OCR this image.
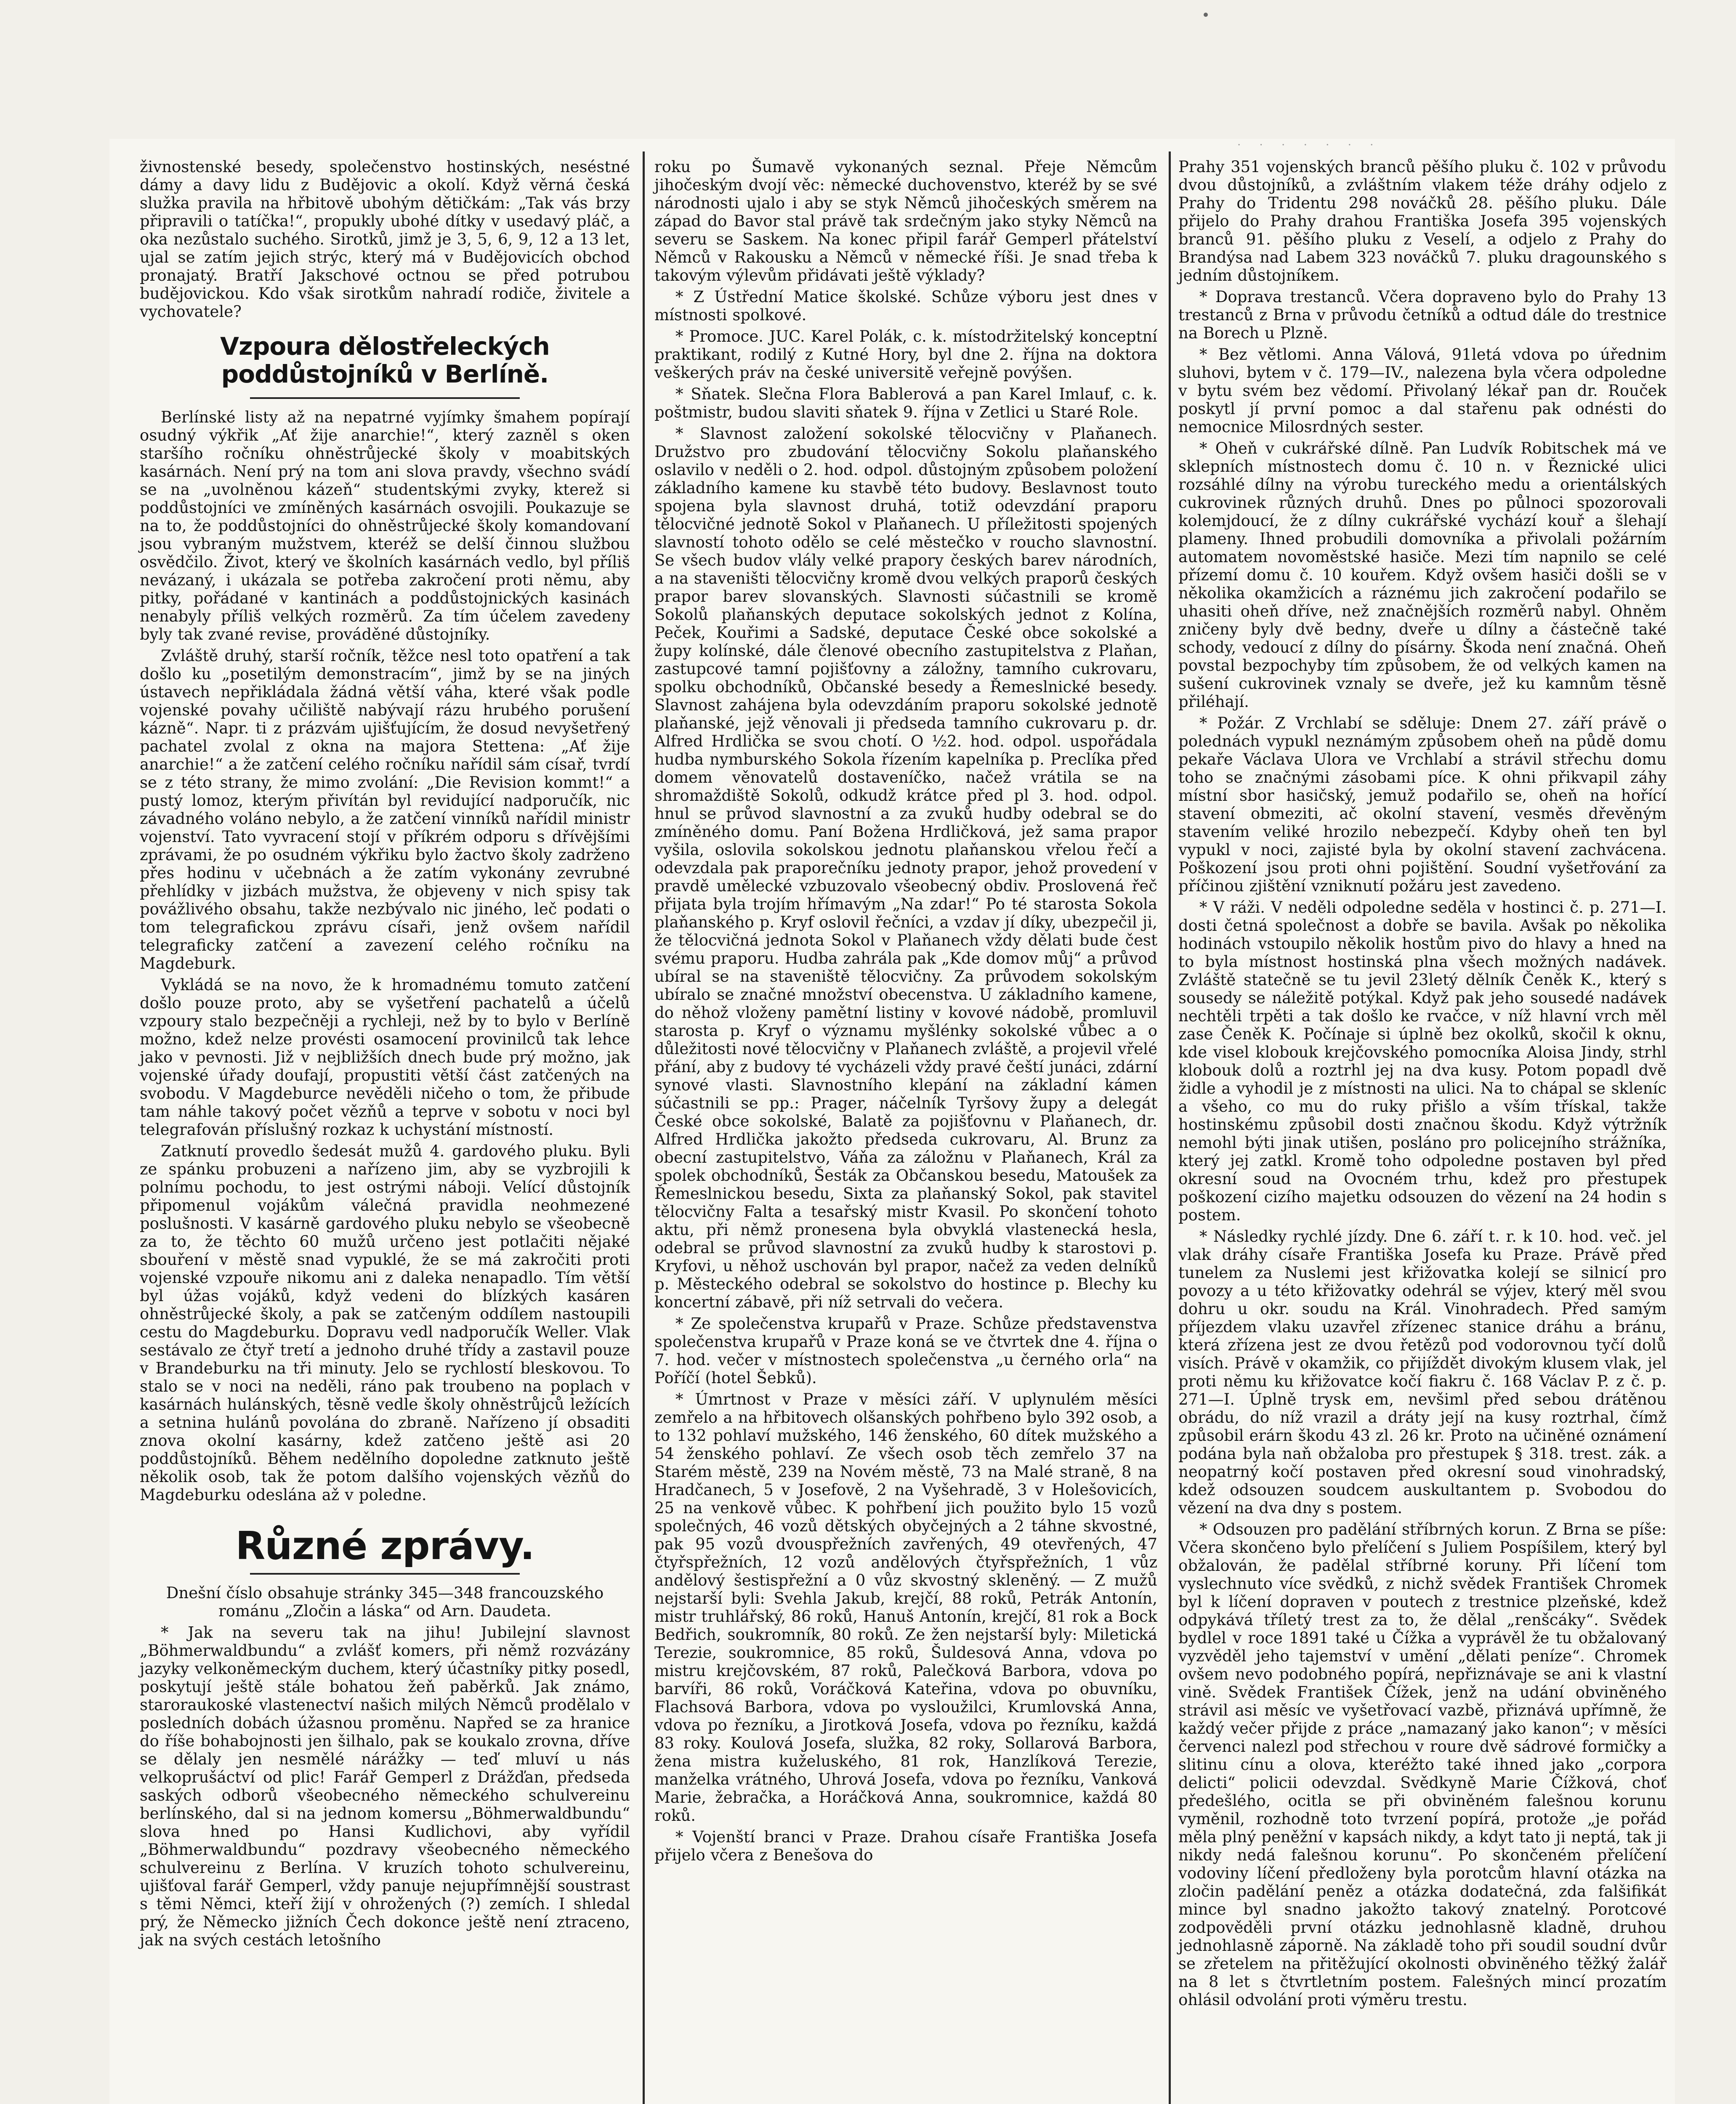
· · · · · · ·

živnostenské besedy, společenstvo hostinských, neséstné dámy a davy lidu z Budějovic a okolí. Když věrná česká služka pravila na hřbitově ubohým dětičkám: „Tak vás brzy připravili o tatíčka!“, propukly ubohé dítky v usedavý pláč, a oka nezůstalo suchého. Sirotků, jimž je 3, 5, 6, 9, 12 a 13 let, ujal se zatím jejich strýc, který má v Budějovicích obchod pronajatý. Bratří Jakschové octnou se před potrubou budějovickou. Kdo však sirotkům nahradí rodiče, živitele a vychovatele?

Vzpoura dělostřeleckých poddůstojníků v Berlíně.

Berlínské listy až na nepatrné vyjímky šmahem popírají osudný výkřik „Ať žije anarchie!“, který zazněl s oken staršího ročníku ohněstrůjecké školy v moabitských kasárnách. Není prý na tom ani slova pravdy, všechno svádí se na „uvolněnou kázeň“ studentskými zvyky, kterež si poddůstojníci ve zmíněných kasárnách osvojili. Poukazuje se na to, že poddůstojníci do ohněstrůjecké školy komandovaní jsou vybraným mužstvem, kteréž se delší činnou službou osvědčilo. Život, který ve školních kasárnách vedlo, byl příliš nevázaný, i ukázala se potřeba zakročení proti němu, aby pitky, pořádané v kantinách a poddůstojnických kasinách nenabyly příliš velkých rozměrů. Za tím účelem zavedeny byly tak zvané revise, prováděné důstojníky.

Zvláště druhý, starší ročník, těžce nesl toto opatření a tak došlo ku „posetilým demonstracím“, jimž by se na jiných ústavech nepřikládala žádná větší váha, které však podle vojenské povahy učiliště nabývají rázu hrubého porušení kázně“. Napr. ti z prázvám ujišťujícím, že dosud nevyšetřený pachatel zvolal z okna na majora Stettena: „Ať žije anarchie!“ a že zatčení celého ročníku nařídil sám císař, tvrdí se z této strany, že mimo zvolání: „Die Revision kommt!“ a pustý lomoz, kterým přivítán byl revidující nadporučík, nic závadného voláno nebylo, a že zatčení vinníků nařídil ministr vojenství. Tato vyvracení stojí v příkrém odporu s dřívějšími zprávami, že po osudném výkřiku bylo žactvo školy zadrženo přes hodinu v učebnách a že zatím vykonány zevrubné přehlídky v jizbách mužstva, že objeveny v nich spisy tak povážlivého obsahu, takže nezbývalo nic jiného, leč podati o tom telegrafickou zprávu císaři, jenž ovšem nařídil telegraficky zatčení a zavezení celého ročníku na Magdeburk.

Vykládá se na novo, že k hromadnému tomuto zatčení došlo pouze proto, aby se vyšetření pachatelů a účelů vzpoury stalo bezpečněji a rychleji, než by to bylo v Berlíně možno, kdež nelze provésti osamocení provinilců tak lehce jako v pevnosti. Již v nejbližších dnech bude prý možno, jak vojenské úřady doufají, propustiti větší část zatčených na svobodu. V Magdeburce nevěděli ničeho o tom, že přibude tam náhle takový počet vězňů a teprve v sobotu v noci byl telegrafován příslušný rozkaz k uchystání místností.

Zatknutí provedlo šedesát mužů 4. gardového pluku. Byli ze spánku probuzeni a nařízeno jim, aby se vyzbrojili k polnímu pochodu, to jest ostrými náboji. Velící důstojník připomenul vojákům válečná pravidla neohmezené poslušnosti. V kasárně gardového pluku nebylo se všeobecně za to, že těchto 60 mužů určeno jest potlačiti nějaké sbouření v městě snad vypuklé, že se má zakročiti proti vojenské vzpouře nikomu ani z daleka nenapadlo. Tím větší byl úžas vojáků, když vedeni do blízkých kasáren ohněstrůjecké školy, a pak se zatčeným oddílem nastoupili cestu do Magdeburku. Dopravu vedl nadporučík Weller. Vlak sestávalo ze čtyř tretí a jednoho druhé třídy a zastavil pouze v Brandeburku na tři minuty. Jelo se rychlostí bleskovou. To stalo se v noci na neděli, ráno pak troubeno na poplach v kasárnách hulánských, těsně vedle školy ohněstrůjců ležících a setnina hulánů povolána do zbraně. Nařízeno jí obsaditi znova okolní kasárny, kdež zatčeno ještě asi 20 poddůstojníků. Během nedělního dopoledne zatknuto ještě několik osob, tak že potom dalšího vojenských vězňů do Magdeburku odeslána až v poledne.

Různé zprávy.

Dnešní číslo obsahuje stránky 345—348 francouzského románu „Zločin a láska“ od Arn. Daudeta.

* Jak na severu tak na jihu! Jubilejní slavnost „Böhmerwaldbundu“ a zvlášť komers, při němž rozvázány jazyky velkoněmeckým duchem, který účastníky pitky posedl, poskytují ještě stále bohatou žeň paběrků. Jak známo, staroraukoské vlastenectví našich milých Němců prodělalo v posledních dobách úžasnou proměnu. Napřed se za hranice do říše bohabojnosti jen šilhalo, pak se koukalo zrovna, dříve se dělaly jen nesmělé nárážky — teď mluví u nás velkoprušáctví od plic! Farář Gemperl z Drážďan, předseda saských odborů všeobecného německého schulvereinu berlínského, dal si na jednom komersu „Böhmerwaldbundu“ slova hned po Hansi Kudlichovi, aby vyřídil „Böhmerwaldbundu“ pozdravy všeobecného německého schulvereinu z Berlína. V kruzích tohoto schulvereinu, ujišťoval farář Gemperl, vždy panuje nejupřímnější soustrast s těmi Němci, kteří žijí v ohrožených (?) zemích. I shledal prý, že Německo jižních Čech dokonce ještě není ztraceno, jak na svých cestách letošního

roku po Šumavě vykonaných seznal. Přeje Němcům jihočeským dvojí věc: německé duchovenstvo, kteréž by se své národnosti ujalo i aby se styk Němců jihočeských směrem na západ do Bavor stal právě tak srdečným jako styky Němců na severu se Saskem. Na konec připil farář Gemperl přátelství Němců v Rakousku a Němců v německé říši. Je snad třeba k takovým výlevům přidávati ještě výklady?

* Z Ústřední Matice školské. Schůze výboru jest dnes v místnosti spolkové.

* Promoce. JUC. Karel Polák, c. k. místodržitelský konceptní praktikant, rodilý z Kutné Hory, byl dne 2. října na doktora veškerých práv na české universitě veřejně povýšen.

* Sňatek. Slečna Flora Bablerová a pan Karel Imlauf, c. k. poštmistr, budou slaviti sňatek 9. října v Zetlici u Staré Role.

* Slavnost založení sokolské tělocvičny v Plaňanech. Družstvo pro zbudování tělocvičny Sokolu plaňanského oslavilo v neděli o 2. hod. odpol. důstojným způsobem položení základního kamene ku stavbě této budovy. Beslavnost touto spojena byla slavnost druhá, totiž odevzdání praporu tělocvičné jednotě Sokol v Plaňanech. U příležitosti spojených slavností tohoto odělo se celé městečko v roucho slavnostní. Se všech budov vlály velké prapory českých barev národních, a na staveništi tělocvičny kromě dvou velkých praporů českých prapor barev slovanských. Slavnosti súčastnili se kromě Sokolů plaňanských deputace sokolských jednot z Kolína, Peček, Kouřimi a Sadské, deputace České obce sokolské a župy kolínské, dále členové obecního zastupitelstva z Plaňan, zastupcové tamní pojišťovny a záložny, tamního cukrovaru, spolku obchodníků, Občanské besedy a Řemeslnické besedy. Slavnost zahájena byla odevzdáním praporu sokolské jednotě plaňanské, jejž věnovali ji předseda tamního cukrovaru p. dr. Alfred Hrdlička se svou chotí. O ½2. hod. odpol. uspořádala hudba nymburského Sokola řízením kapelníka p. Preclíka před domem věnovatelů dostaveníčko, načež vrátila se na shromaždiště Sokolů, odkudž krátce před pl 3. hod. odpol. hnul se průvod slavnostní a za zvuků hudby odebral se do zmíněného domu. Paní Božena Hrdličková, jež sama prapor vyšila, oslovila sokolskou jednotu plaňanskou vřelou řečí a odevzdala pak praporečníku jednoty prapor, jehož provedení v pravdě umělecké vzbuzovalo všeobecný obdiv. Proslovená řeč přijata byla trojím hřímavým „Na zdar!“ Po té starosta Sokola plaňanského p. Kryf oslovil řečníci, a vzdav jí díky, ubezpečil ji, že tělocvičná jednota Sokol v Plaňanech vždy dělati bude čest svému praporu. Hudba zahrála pak „Kde domov můj“ a průvod ubíral se na staveniště tělocvičny. Za průvodem sokolským ubíralo se značné množství obecenstva. U základního kamene, do něhož vloženy pamětní listiny v kovové nádobě, promluvil starosta p. Kryf o významu myšlénky sokolské vůbec a o důležitosti nové tělocvičny v Plaňanech zvláště, a projevil vřelé přání, aby z budovy té vycházeli vždy pravé čeští junáci, zdární synové vlasti. Slavnostního klepání na základní kámen súčastnili se pp.: Prager, náčelník Tyršovy župy a delegát České obce sokolské, Balatě za pojišťovnu v Plaňanech, dr. Alfred Hrdlička jakožto předseda cukrovaru, Al. Brunz za obecní zastupitelstvo, Váňa za záložnu v Plaňanech, Král za spolek obchodníků, Šesták za Občanskou besedu, Matoušek za Řemeslnickou besedu, Sixta za plaňanský Sokol, pak stavitel tělocvičny Falta a tesařský mistr Kvasil. Po skončení tohoto aktu, při němž pronesena byla obvyklá vlastenecká hesla, odebral se průvod slavnostní za zvuků hudby k starostovi p. Kryfovi, u něhož uschován byl prapor, načež za veden delníků p. Městeckého odebral se sokolstvo do hostince p. Blechy ku koncertní zábavě, při níž setrvali do večera.

* Ze společenstva krupařů v Praze. Schůze představenstva společenstva krupařů v Praze koná se ve čtvrtek dne 4. října o 7. hod. večer v místnostech společenstva „u černého orla“ na Poříčí (hotel Šebků).

* Úmrtnost v Praze v měsíci září. V uplynulém měsíci zemřelo a na hřbitovech olšanských pohřbeno bylo 392 osob, a to 132 pohlaví mužského, 146 ženského, 60 dítek mužského a 54 ženského pohlaví. Ze všech osob těch zemřelo 37 na Starém městě, 239 na Novém městě, 73 na Malé straně, 8 na Hradčanech, 5 v Josefově, 2 na Vyšehradě, 3 v Holešovicích, 25 na venkově vůbec. K pohřbení jich použito bylo 15 vozů společných, 46 vozů dětských obyčejných a 2 táhne skvostné, pak 95 vozů dvouspřežních zavřených, 49 otevřených, 47 čtyřspřežních, 12 vozů andělových čtyřspřežních, 1 vůz andělový šestispřežní a 0 vůz skvostný skleněný. — Z mužů nejstarší byli: Svehla Jakub, krejčí, 88 roků, Petrák Antonín, mistr truhlářský, 86 roků, Hanuš Antonín, krejčí, 81 rok a Bock Bedřich, soukromník, 80 roků. Ze žen nejstarší byly: Miletická Terezie, soukromnice, 85 roků, Šuldesová Anna, vdova po mistru krejčovském, 87 roků, Palečková Barbora, vdova po barvíři, 86 roků, Voráčková Kateřina, vdova po obuvníku, Flachsová Barbora, vdova po vysloužilci, Krumlovská Anna, vdova po řezníku, a Jirotková Josefa, vdova po řezníku, každá 83 roky. Koulová Josefa, služka, 82 roky, Sollarová Barbora, žena mistra kuželuského, 81 rok, Hanzlíková Terezie, manželka vrátného, Uhrová Josefa, vdova po řezníku, Vanková Marie, žebračka, a Horáčková Anna, soukromnice, každá 80 roků.

* Vojenští branci v Praze. Drahou císaře Františka Josefa přijelo včera z Benešova do

Prahy 351 vojenských branců pěšího pluku č. 102 v průvodu dvou důstojníků, a zvláštním vlakem téže dráhy odjelo z Prahy do Tridentu 298 nováčků 28. pěšího pluku. Dále přijelo do Prahy drahou Františka Josefa 395 vojenských branců 91. pěšího pluku z Veselí, a odjelo z Prahy do Brandýsa nad Labem 323 nováčků 7. pluku dragounského s jedním důstojníkem.

* Doprava trestanců. Včera dopraveno bylo do Prahy 13 trestanců z Brna v průvodu četníků a odtud dále do trestnice na Borech u Plzně.

* Bez větlomi. Anna Válová, 91letá vdova po úřednim sluhovi, bytem v č. 179—IV., nalezena byla včera odpoledne v bytu svém bez vědomí. Přivolaný lékař pan dr. Rouček poskytl jí první pomoc a dal stařenu pak odnésti do nemocnice Milosrdných sester.

* Oheň v cukrářské dílně. Pan Ludvík Robitschek má ve sklepních místnostech domu č. 10 n. v Řeznické ulici rozsáhlé dílny na výrobu tureckého medu a orientálských cukrovinek různých druhů. Dnes po půlnoci spozorovali kolemjdoucí, že z dílny cukrářské vychází kouř a šlehají plameny. Ihned probudili domovníka a přivolali požárním automatem novoměstské hasiče. Mezi tím napnilo se celé přízemí domu č. 10 kouřem. Když ovšem hasiči došli se v několika okamžicích a ráznému jich zakročení podařilo se uhasiti oheň dříve, než značnějších rozměrů nabyl. Ohněm zničeny byly dvě bedny, dveře u dílny a částečně také schody, vedoucí z dílny do písárny. Škoda není značná. Oheň povstal bezpochyby tím způsobem, že od velkých kamen na sušení cukrovinek vznaly se dveře, jež ku kamnům těsně přiléhají.

* Požár. Z Vrchlabí se sděluje: Dnem 27. září právě o polednách vypukl neznámým způsobem oheň na půdě domu pekaře Václava Ulora ve Vrchlabí a strávil střechu domu toho se značnými zásobami píce. K ohni přikvapil záhy místní sbor hasičský, jemuž podařilo se, oheň na hořící stavení obmeziti, ač okolní stavení, vesměs dřevěným stavením veliké hrozilo nebezpečí. Kdyby oheň ten byl vypukl v noci, zajisté byla by okolní stavení zachvácena. Poškození jsou proti ohni pojištění. Soudní vyšetřování za příčinou zjištění vzniknutí požáru jest zavedeno.

* V ráži. V neděli odpoledne seděla v hostinci č. p. 271—I. dosti četná společnost a dobře se bavila. Avšak po několika hodinách vstoupilo několik hostům pivo do hlavy a hned na to byla místnost hostinská plna všech možných nadávek. Zvláště statečně se tu jevil 23letý dělník Čeněk K., který s sousedy se náležitě potýkal. Když pak jeho sousedé nadávek nechtěli trpěti a tak došlo ke rvačce, v níž hlavní vrch měl zase Čeněk K. Počínaje si úplně bez okolků, skočil k oknu, kde visel klobouk krejčovského pomocníka Aloisa Jindy, strhl klobouk dolů a roztrhl jej na dva kusy. Potom popadl dvě židle a vyhodil je z místnosti na ulici. Na to chápal se skleníc a všeho, co mu do ruky přišlo a vším třískal, takže hostinskému způsobil dosti značnou škodu. Když výtržník nemohl býti jinak utišen, posláno pro policejního strážníka, který jej zatkl. Kromě toho odpoledne postaven byl před okresní soud na Ovocném trhu, kdež pro přestupek poškození cizího majetku odsouzen do vězení na 24 hodin s postem.

* Následky rychlé jízdy. Dne 6. září t. r. k 10. hod. več. jel vlak dráhy císaře Františka Josefa ku Praze. Právě před tunelem za Nuslemi jest křižovatka kolejí se silnicí pro povozy a u této křižovatky odehrál se výjev, který měl svou dohru u okr. soudu na Král. Vinohradech. Před samým příjezdem vlaku uzavřel zřízenec stanice dráhu a bránu, která zřízena jest ze dvou řetězů pod vodorovnou tyčí dolů visích. Právě v okamžik, co přijíždět divokým klusem vlak, jel proti němu ku křižovatce kočí fiakru č. 168 Václav P. z č. p. 271—I. Úplně trysk em, nevšiml před sebou drátěnou obrádu, do níž vrazil a dráty její na kusy roztrhal, čímž způsobil erárn škodu 43 zl. 26 kr. Proto na učiněné oznámení podána byla naň obžaloba pro přestupek § 318. trest. zák. a neopatrný kočí postaven před okresní soud vinohradský, kdež odsouzen soudcem auskultantem p. Svobodou do vězení na dva dny s postem.

* Odsouzen pro padělání stříbrných korun. Z Brna se píše: Včera skončeno bylo přelíčení s Juliem Pospíšilem, který byl obžalován, že padělal stříbrné koruny. Při líčení tom vyslechnuto více svědků, z nichž svědek František Chromek byl k líčení dopraven v poutech z trestnice plzeňské, kdež odpykává tříletý trest za to, že dělal „renšcáky“. Svědek bydlel v roce 1891 také u Čížka a vyprávěl že tu obžalovaný vyzvěděl jeho tajemství v umění „dělati peníze“. Chromek ovšem nevo podobného popírá, nepřiznávaje se ani k vlastní vině. Svědek František Čížek, jenž na udání obviněného strávil asi měsíc ve vyšetřovací vazbě, přiznává upřímně, že každý večer přijde z práce „namazaný jako kanon“; v měsíci červenci nalezl pod střechou v roure dvě sádrové formičky a slitinu cínu a olova, kteréžto také ihned jako „corpora delicti“ policii odevzdal. Svědkyně Marie Čížková, choť předešlého, ocitla se při obviněném falešnou korunu vyměnil, rozhodně toto tvrzení popírá, protože „je pořád měla plný peněžní v kapsách nikdy, a kdyt tato ji neptá, tak ji nikdy nedá falešnou korunu“. Po skončeném přelíčení vodoviny líčení předloženy byla porotcům hlavní otázka na zločin padělání peněz a otázka dodatečná, zda falšifikát mince byl snadno jakožto takový znatelný. Porotcové zodpověděli první otázku jednohlasně kladně, druhou jednohlasně záporně. Na základě toho při soudil soudní dvůr se zřetelem na přitěžující okolnosti obviněného těžký žalář na 8 let s čtvrtletním postem. Falešných mincí prozatím ohlásil odvolání proti výměru trestu.
